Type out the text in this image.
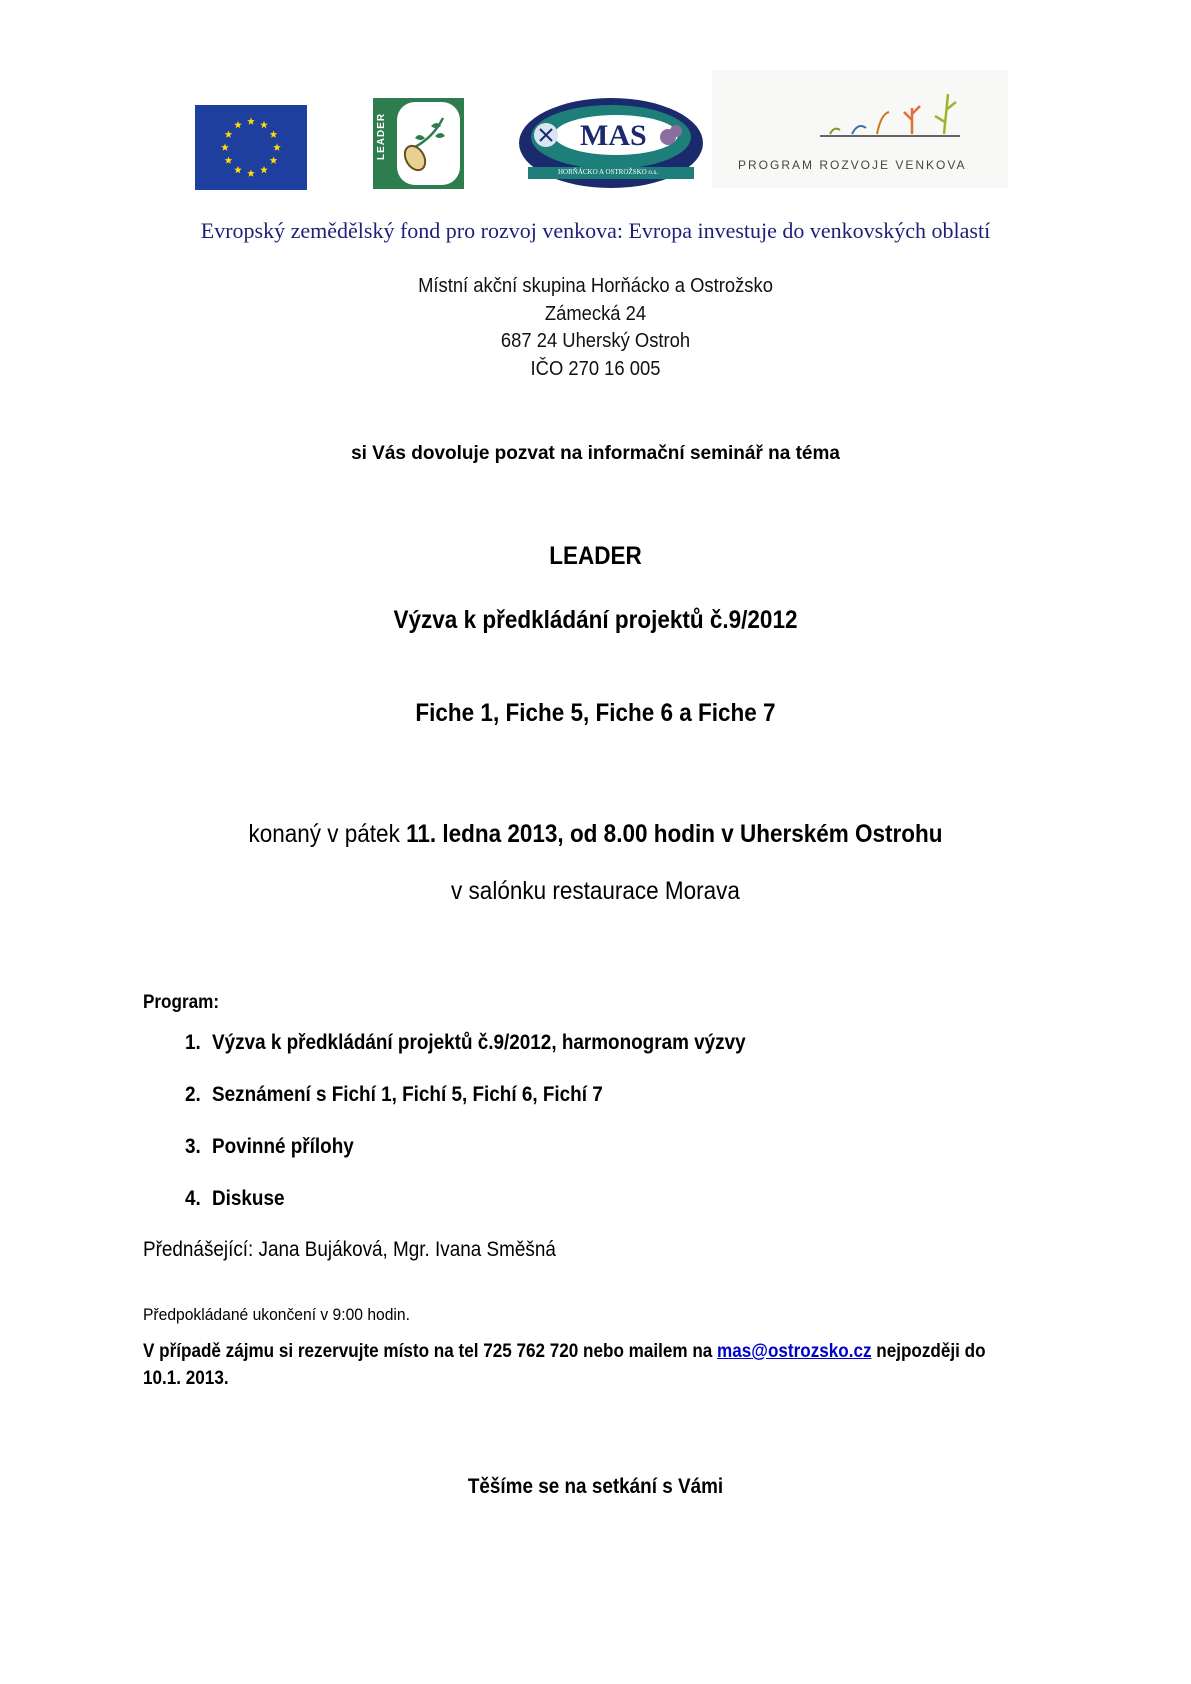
LEADER	MAS
HORŇÁCKO A OSTROŽSKO o.s.	PROGRAM ROZVOJE VENKOVA
Evropský zemědělský fond pro rozvoj venkova: Evropa investuje do venkovských oblastí
Místní akční skupina Horňácko a Ostrožsko
Zámecká 24
687 24 Uherský Ostroh
IČO 270 16 005
si Vás dovoluje pozvat na informační seminář na téma
LEADER
Výzva k předkládání projektů č.9/2012
Fiche 1, Fiche 5, Fiche 6 a Fiche 7
konaný v pátek 11. ledna 2013, od 8.00 hodin v Uherském Ostrohu
v salónku restaurace Morava
Program:
1. Výzva k předkládání projektů č.9/2012, harmonogram výzvy
2. Seznámení s Fichí 1, Fichí 5, Fichí 6, Fichí 7
3. Povinné přílohy
4. Diskuse
Přednášející: Jana Bujáková, Mgr. Ivana Směšná
Předpokládané ukončení v 9:00 hodin.
V případě zájmu si rezervujte místo na tel 725 762 720 nebo mailem na mas@ostrozsko.cz nejpozději do
10.1. 2013.
Těšíme se na setkání s Vámi
